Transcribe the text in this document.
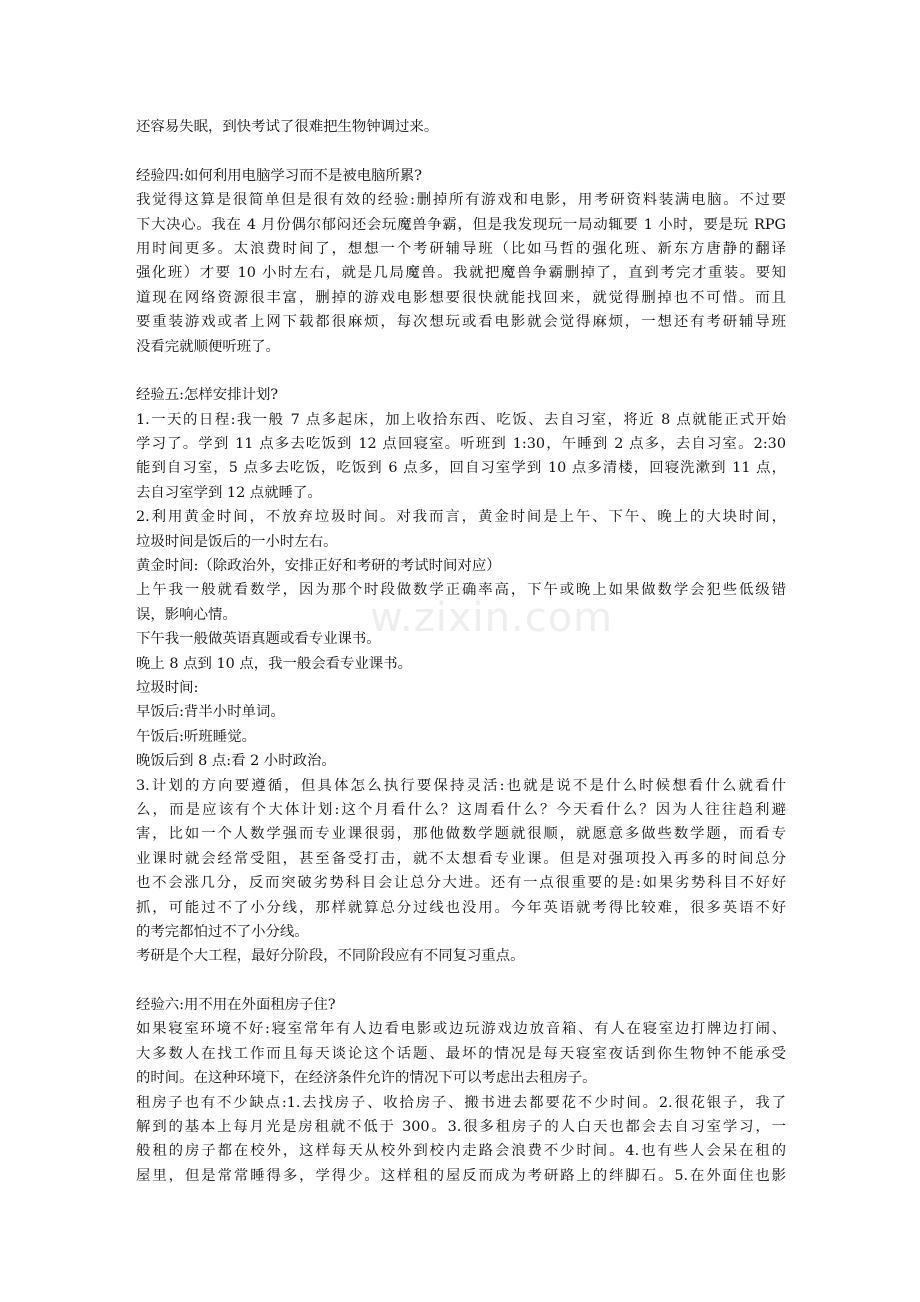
还容易失眠，到快考试了很难把生物钟调过来。
经验四:如何利用电脑学习而不是被电脑所累?
我觉得这算是很简单但是很有效的经验:删掉所有游戏和电影，用考研资料装满电脑。不过要
下大决心。我在 4 月份偶尔郁闷还会玩魔兽争霸，但是我发现玩一局动辄要 1 小时，要是玩 RPG
用时间更多。太浪费时间了，想想一个考研辅导班（比如马哲的强化班、新东方唐静的翻译
强化班）才要 10 小时左右，就是几局魔兽。我就把魔兽争霸删掉了，直到考完才重装。要知
道现在网络资源很丰富，删掉的游戏电影想要很快就能找回来，就觉得删掉也不可惜。而且
要重装游戏或者上网下载都很麻烦，每次想玩或看电影就会觉得麻烦，一想还有考研辅导班
没看完就顺便听班了。
经验五:怎样安排计划?
1.一天的日程:我一般 7 点多起床，加上收拾东西、吃饭、去自习室，将近 8 点就能正式开始
学习了。学到 11 点多去吃饭到 12 点回寝室。听班到 1:30，午睡到 2 点多，去自习室。2:30
能到自习室，5 点多去吃饭，吃饭到 6 点多，回自习室学到 10 点多清楼，回寝洗漱到 11 点，
去自习室学到 12 点就睡了。
2.利用黄金时间，不放弃垃圾时间。对我而言，黄金时间是上午、下午、晚上的大块时间，
垃圾时间是饭后的一小时左右。
黄金时间:（除政治外，安排正好和考研的考试时间对应）
上午我一般就看数学，因为那个时段做数学正确率高，下午或晚上如果做数学会犯些低级错
误，影响心情。
下午我一般做英语真题或看专业课书。
晚上 8 点到 10 点，我一般会看专业课书。
垃圾时间:
早饭后:背半小时单词。
午饭后:听班睡觉。
晚饭后到 8 点:看 2 小时政治。
3.计划的方向要遵循，但具体怎么执行要保持灵活:也就是说不是什么时候想看什么就看什
么，而是应该有个大体计划:这个月看什么？这周看什么？今天看什么？因为人往往趋利避
害，比如一个人数学强而专业课很弱，那他做数学题就很顺，就愿意多做些数学题，而看专
业课时就会经常受阻，甚至备受打击，就不太想看专业课。但是对强项投入再多的时间总分
也不会涨几分，反而突破劣势科目会让总分大进。还有一点很重要的是:如果劣势科目不好好
抓，可能过不了小分线，那样就算总分过线也没用。今年英语就考得比较难，很多英语不好
的考完都怕过不了小分线。
考研是个大工程，最好分阶段，不同阶段应有不同复习重点。
经验六:用不用在外面租房子住?
如果寝室环境不好:寝室常年有人边看电影或边玩游戏边放音箱、有人在寝室边打牌边打闹、
大多数人在找工作而且每天谈论这个话题、最坏的情况是每天寝室夜话到你生物钟不能承受
的时间。在这种环境下，在经济条件允许的情况下可以考虑出去租房子。
租房子也有不少缺点:1.去找房子、收拾房子、搬书进去都要花不少时间。2.很花银子，我了
解到的基本上每月光是房租就不低于 300。3.很多租房子的人白天也都会去自习室学习，一
般租的房子都在校外，这样每天从校外到校内走路会浪费不少时间。4.也有些人会呆在租的
屋里，但是常常睡得多，学得少。这样租的屋反而成为考研路上的绊脚石。5.在外面住也影
w.zixin.com
